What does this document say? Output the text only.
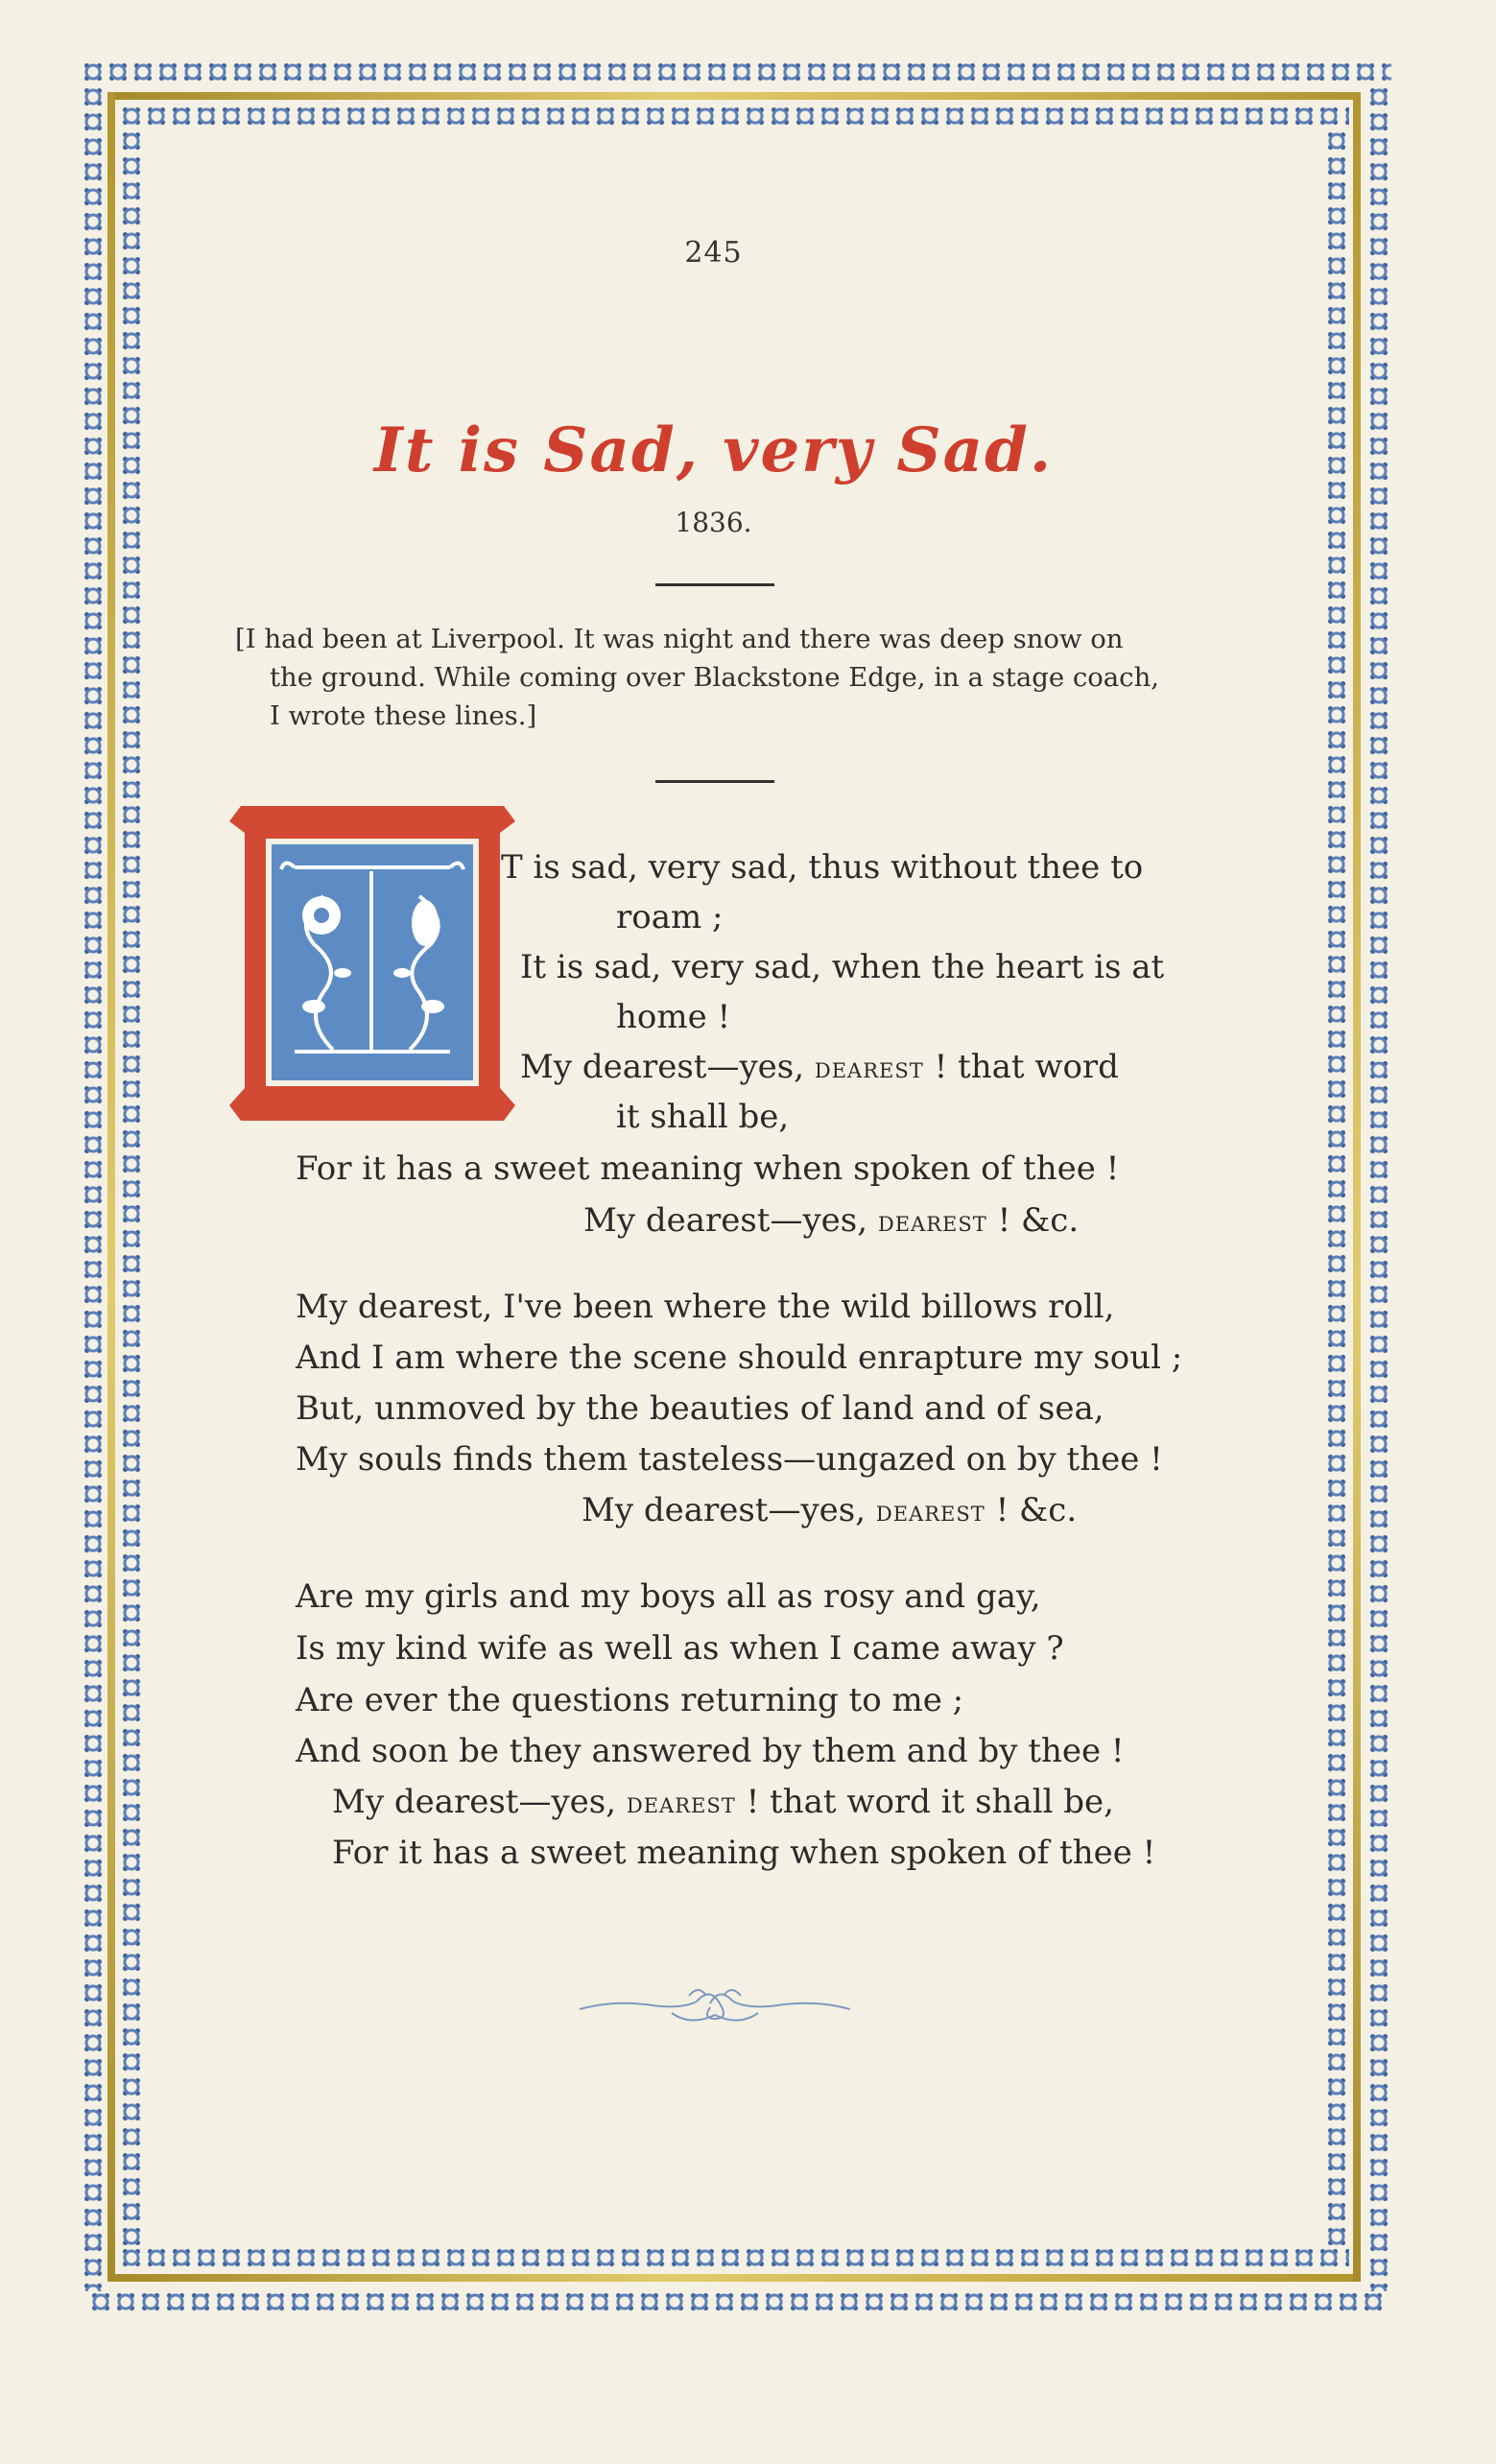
245
It is Sad, very Sad.
1836.
[I had been at Liverpool. It was night and there was deep snow on
the ground. While coming over Blackstone Edge, in a stage coach,
I wrote these lines.]
T is sad, very sad, thus without thee to
roam ;
It is sad, very sad, when the heart is at
home !
My dearest—yes, dearest ! that word
it shall be,
For it has a sweet meaning when spoken of thee !
My dearest—yes, dearest ! &c.
My dearest, I've been where the wild billows roll,
And I am where the scene should enrapture my soul ;
But, unmoved by the beauties of land and of sea,
My souls finds them tasteless—ungazed on by thee !
My dearest—yes, dearest ! &c.
Are my girls and my boys all as rosy and gay,
Is my kind wife as well as when I came away ?
Are ever the questions returning to me ;
And soon be they answered by them and by thee !
My dearest—yes, dearest ! that word it shall be,
For it has a sweet meaning when spoken of thee !
